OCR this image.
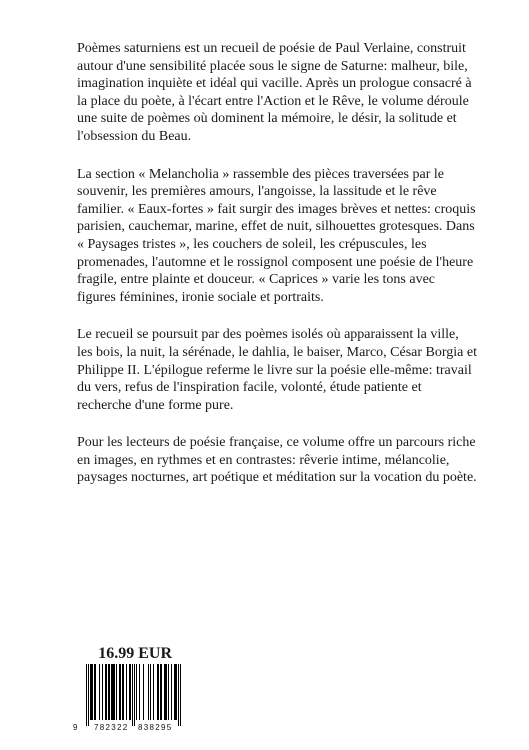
Poèmes saturniens est un recueil de poésie de Paul Verlaine, construit autour d'une sensibilité placée sous le signe de Saturne: malheur, bile, imagination inquiète et idéal qui vacille. Après un prologue consacré à la place du poète, à l'écart entre l'Action et le Rêve, le volume déroule une suite de poèmes où dominent la mémoire, le désir, la solitude et l'obsession du Beau.

La section « Melancholia » rassemble des pièces traversées par le souvenir, les premières amours, l'angoisse, la lassitude et le rêve familier. « Eaux-fortes » fait surgir des images brèves et nettes: croquis parisien, cauchemar, marine, effet de nuit, silhouettes grotesques. Dans « Paysages tristes », les couchers de soleil, les crépuscules, les promenades, l'automne et le rossignol composent une poésie de l'heure fragile, entre plainte et douceur. « Caprices » varie les tons avec figures féminines, ironie sociale et portraits.

Le recueil se poursuit par des poèmes isolés où apparaissent la ville, les bois, la nuit, la sérénade, le dahlia, le baiser, Marco, César Borgia et Philippe II. L'épilogue referme le livre sur la poésie elle-même: travail du vers, refus de l'inspiration facile, volonté, étude patiente et recherche d'une forme pure.

Pour les lecteurs de poésie française, ce volume offre un parcours riche en images, en rythmes et en contrastes: rêverie intime, mélancolie, paysages nocturnes, art poétique et méditation sur la vocation du poète.

16.99 EUR
9 782322 838295
